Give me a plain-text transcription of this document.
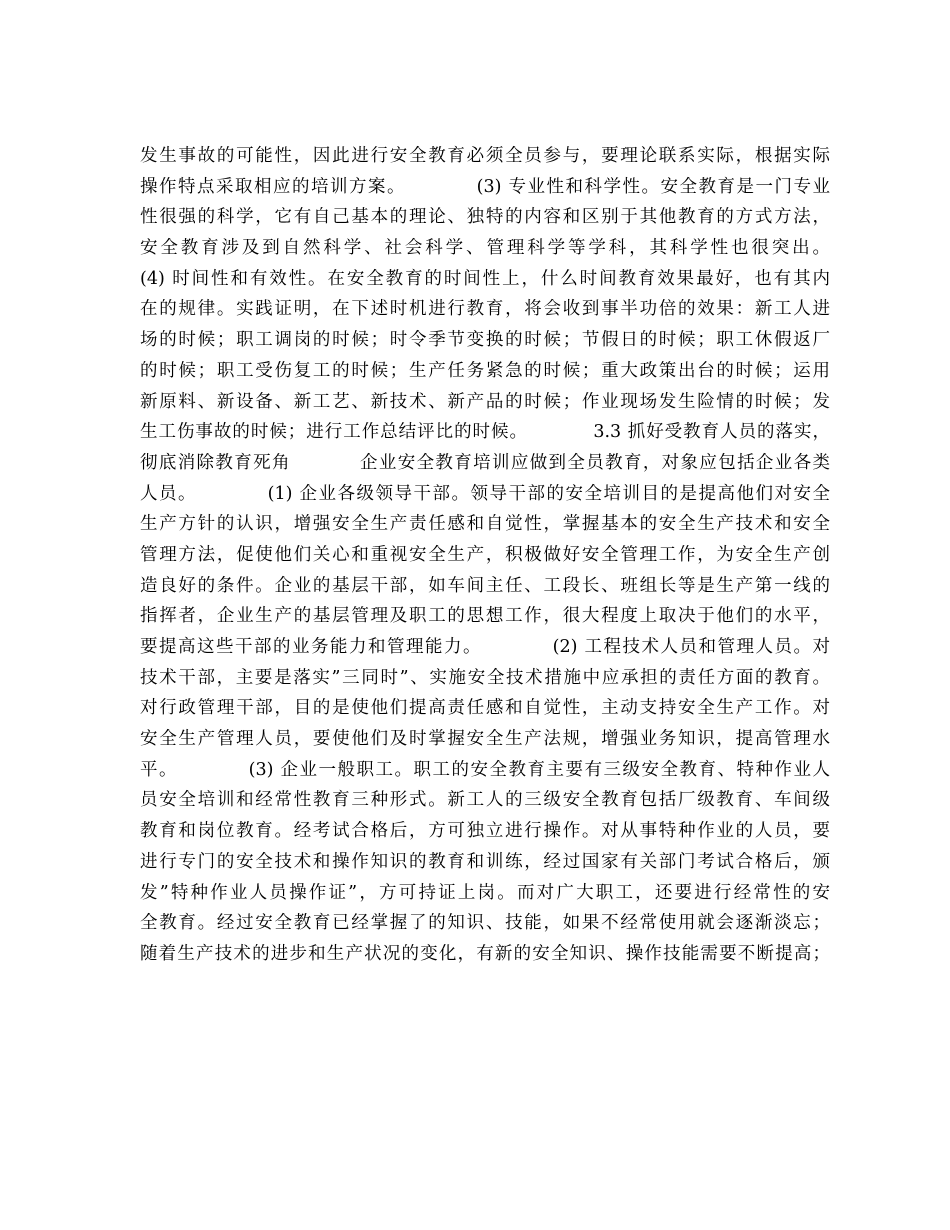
发生事故的可能性，因此进行安全教育必须全员参与，要理论联系实际，根据实际
操作特点采取相应的培训方案。          (3) 专业性和科学性。安全教育是一门专业
性很强的科学，它有自己基本的理论、独特的内容和区别于其他教育的方式方法，
安全教育涉及到自然科学、社会科学、管理科学等学科，其科学性也很突出。
(4) 时间性和有效性。在安全教育的时间性上，什么时间教育效果最好，也有其内
在的规律。实践证明，在下述时机进行教育，将会收到事半功倍的效果：新工人进
场的时候；职工调岗的时候；时令季节变换的时候；节假日的时候；职工休假返厂
的时候；职工受伤复工的时候；生产任务紧急的时候；重大政策出台的时候；运用
新原料、新设备、新工艺、新技术、新产品的时候；作业现场发生险情的时候；发
生工伤事故的时候；进行工作总结评比的时候。          3.3 抓好受教育人员的落实，
彻底消除教育死角          企业安全教育培训应做到全员教育，对象应包括企业各类
人员。          (1) 企业各级领导干部。领导干部的安全培训目的是提高他们对安全
生产方针的认识，增强安全生产责任感和自觉性，掌握基本的安全生产技术和安全
管理方法，促使他们关心和重视安全生产，积极做好安全管理工作，为安全生产创
造良好的条件。企业的基层干部，如车间主任、工段长、班组长等是生产第一线的
指挥者，企业生产的基层管理及职工的思想工作，很大程度上取决于他们的水平，
要提高这些干部的业务能力和管理能力。          (2) 工程技术人员和管理人员。对
技术干部，主要是落实”三同时”、实施安全技术措施中应承担的责任方面的教育。
对行政管理干部，目的是使他们提高责任感和自觉性，主动支持安全生产工作。对
安全生产管理人员，要使他们及时掌握安全生产法规，增强业务知识，提高管理水
平。          (3) 企业一般职工。职工的安全教育主要有三级安全教育、特种作业人
员安全培训和经常性教育三种形式。新工人的三级安全教育包括厂级教育、车间级
教育和岗位教育。经考试合格后，方可独立进行操作。对从事特种作业的人员，要
进行专门的安全技术和操作知识的教育和训练，经过国家有关部门考试合格后，颁
发”特种作业人员操作证”，方可持证上岗。而对广大职工，还要进行经常性的安
全教育。经过安全教育已经掌握了的知识、技能，如果不经常使用就会逐渐淡忘；
随着生产技术的进步和生产状况的变化，有新的安全知识、操作技能需要不断提高；
